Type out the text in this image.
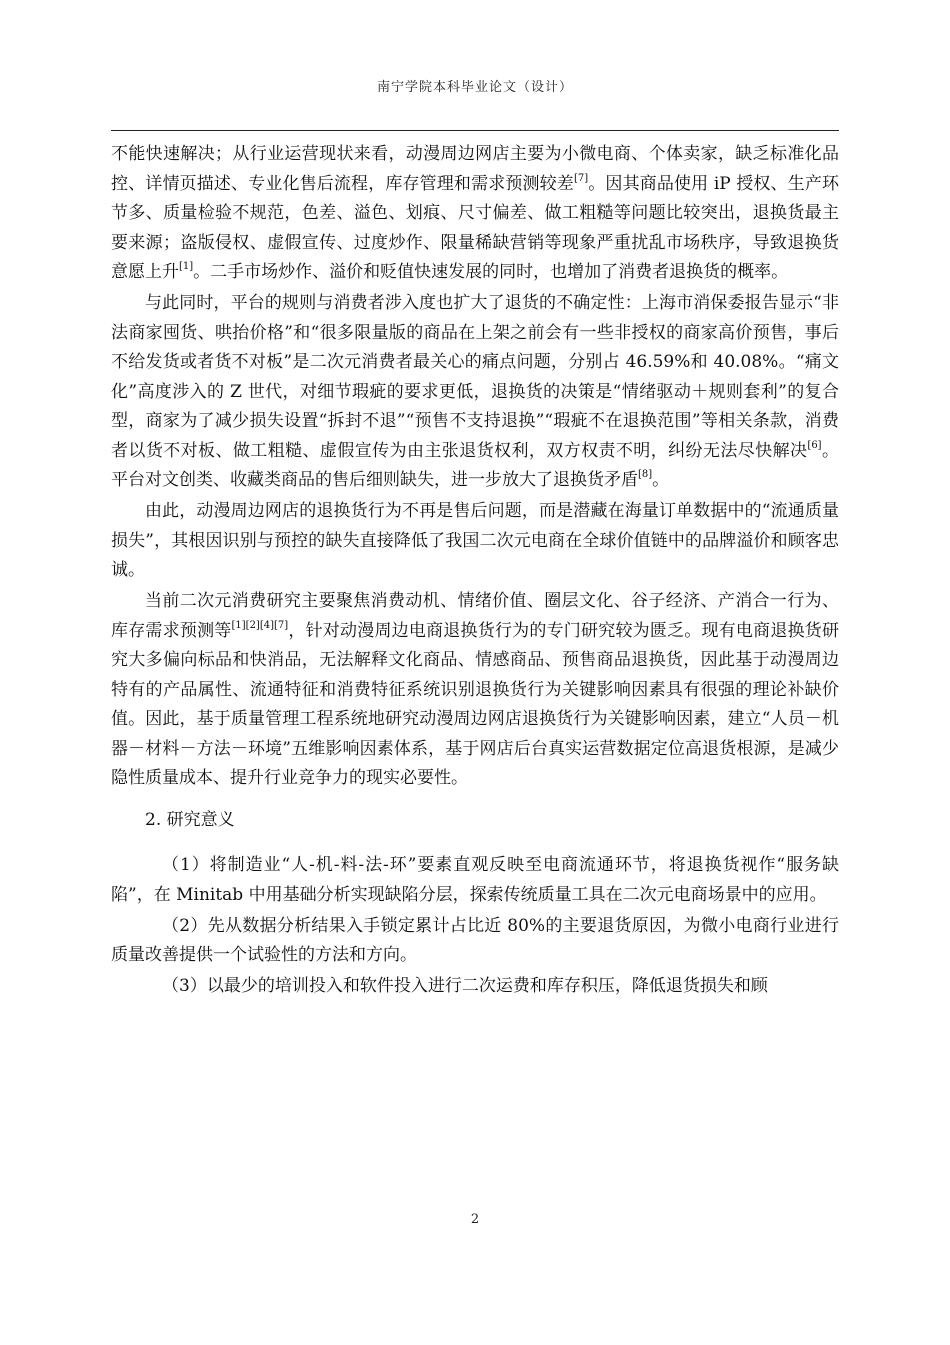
南宁学院本科毕业论文（设计）

不能快速解决；从行业运营现状来看，动漫周边网店主要为小微电商、个体卖家，缺乏标准化品控、详情页描述、专业化售后流程，库存管理和需求预测较差[7]。因其商品使用 iP 授权、生产环节多、质量检验不规范，色差、溢色、划痕、尺寸偏差、做工粗糙等问题比较突出，退换货最主要来源；盗版侵权、虚假宣传、过度炒作、限量稀缺营销等现象严重扰乱市场秩序，导致退换货意愿上升[1]。二手市场炒作、溢价和贬值快速发展的同时，也增加了消费者退换货的概率。

与此同时，平台的规则与消费者涉入度也扩大了退货的不确定性：上海市消保委报告显示“非法商家囤货、哄抬价格”和“很多限量版的商品在上架之前会有一些非授权的商家高价预售，事后不给发货或者货不对板”是二次元消费者最关心的痛点问题，分别占 46.59%和 40.08%。“痛文化”高度涉入的 Z 世代，对细节瑕疵的要求更低，退换货的决策是“情绪驱动＋规则套利”的复合型，商家为了减少损失设置“拆封不退”“预售不支持退换”“瑕疵不在退换范围”等相关条款，消费者以货不对板、做工粗糙、虚假宣传为由主张退货权利，双方权责不明，纠纷无法尽快解决[6]。平台对文创类、收藏类商品的售后细则缺失，进一步放大了退换货矛盾[8]。

由此，动漫周边网店的退换货行为不再是售后问题，而是潜藏在海量订单数据中的“流通质量损失”，其根因识别与预控的缺失直接降低了我国二次元电商在全球价值链中的品牌溢价和顾客忠诚。

当前二次元消费研究主要聚焦消费动机、情绪价值、圈层文化、谷子经济、产消合一行为、库存需求预测等[1][2][4][7]，针对动漫周边电商退换货行为的专门研究较为匮乏。现有电商退换货研究大多偏向标品和快消品，无法解释文化商品、情感商品、预售商品退换货，因此基于动漫周边特有的产品属性、流通特征和消费特征系统识别退换货行为关键影响因素具有很强的理论补缺价值。因此，基于质量管理工程系统地研究动漫周边网店退换货行为关键影响因素，建立“人员－机器－材料－方法－环境”五维影响因素体系，基于网店后台真实运营数据定位高退货根源，是减少隐性质量成本、提升行业竞争力的现实必要性。

2. 研究意义

（1）将制造业“人-机-料-法-环”要素直观反映至电商流通环节，将退换货视作“服务缺陷”，在 Minitab 中用基础分析实现缺陷分层，探索传统质量工具在二次元电商场景中的应用。

（2）先从数据分析结果入手锁定累计占比近 80%的主要退货原因，为微小电商行业进行质量改善提供一个试验性的方法和方向。

（3）以最少的培训投入和软件投入进行二次运费和库存积压，降低退货损失和顾

2
